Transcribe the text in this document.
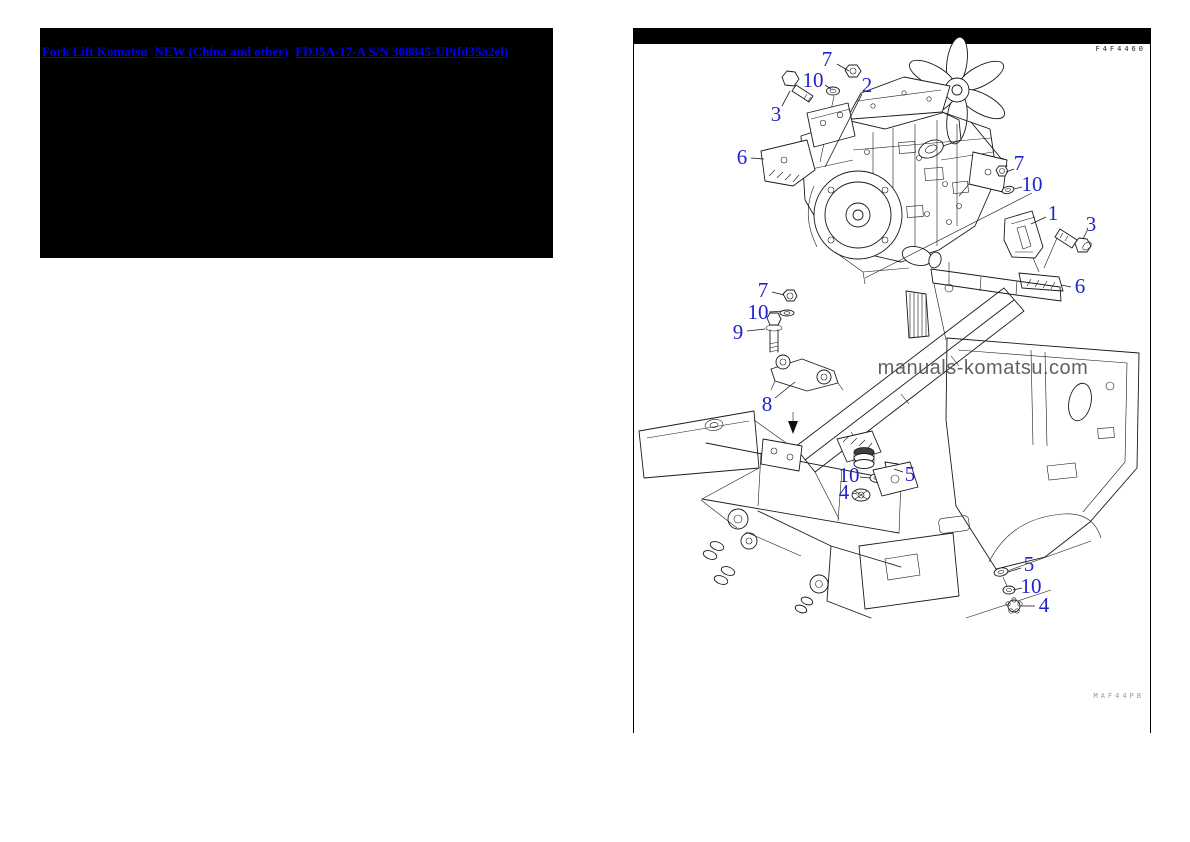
Fork Lift Komatsu NEW (China and other) FD35A-17-A S/N 308845-UP(fd35a2el)	F4F4460
MAF44PB
manuals-komatsu.com
7
10 2
3
6	7
10
1 3
6
7
10
9
8
10 5
4
5
10
4
